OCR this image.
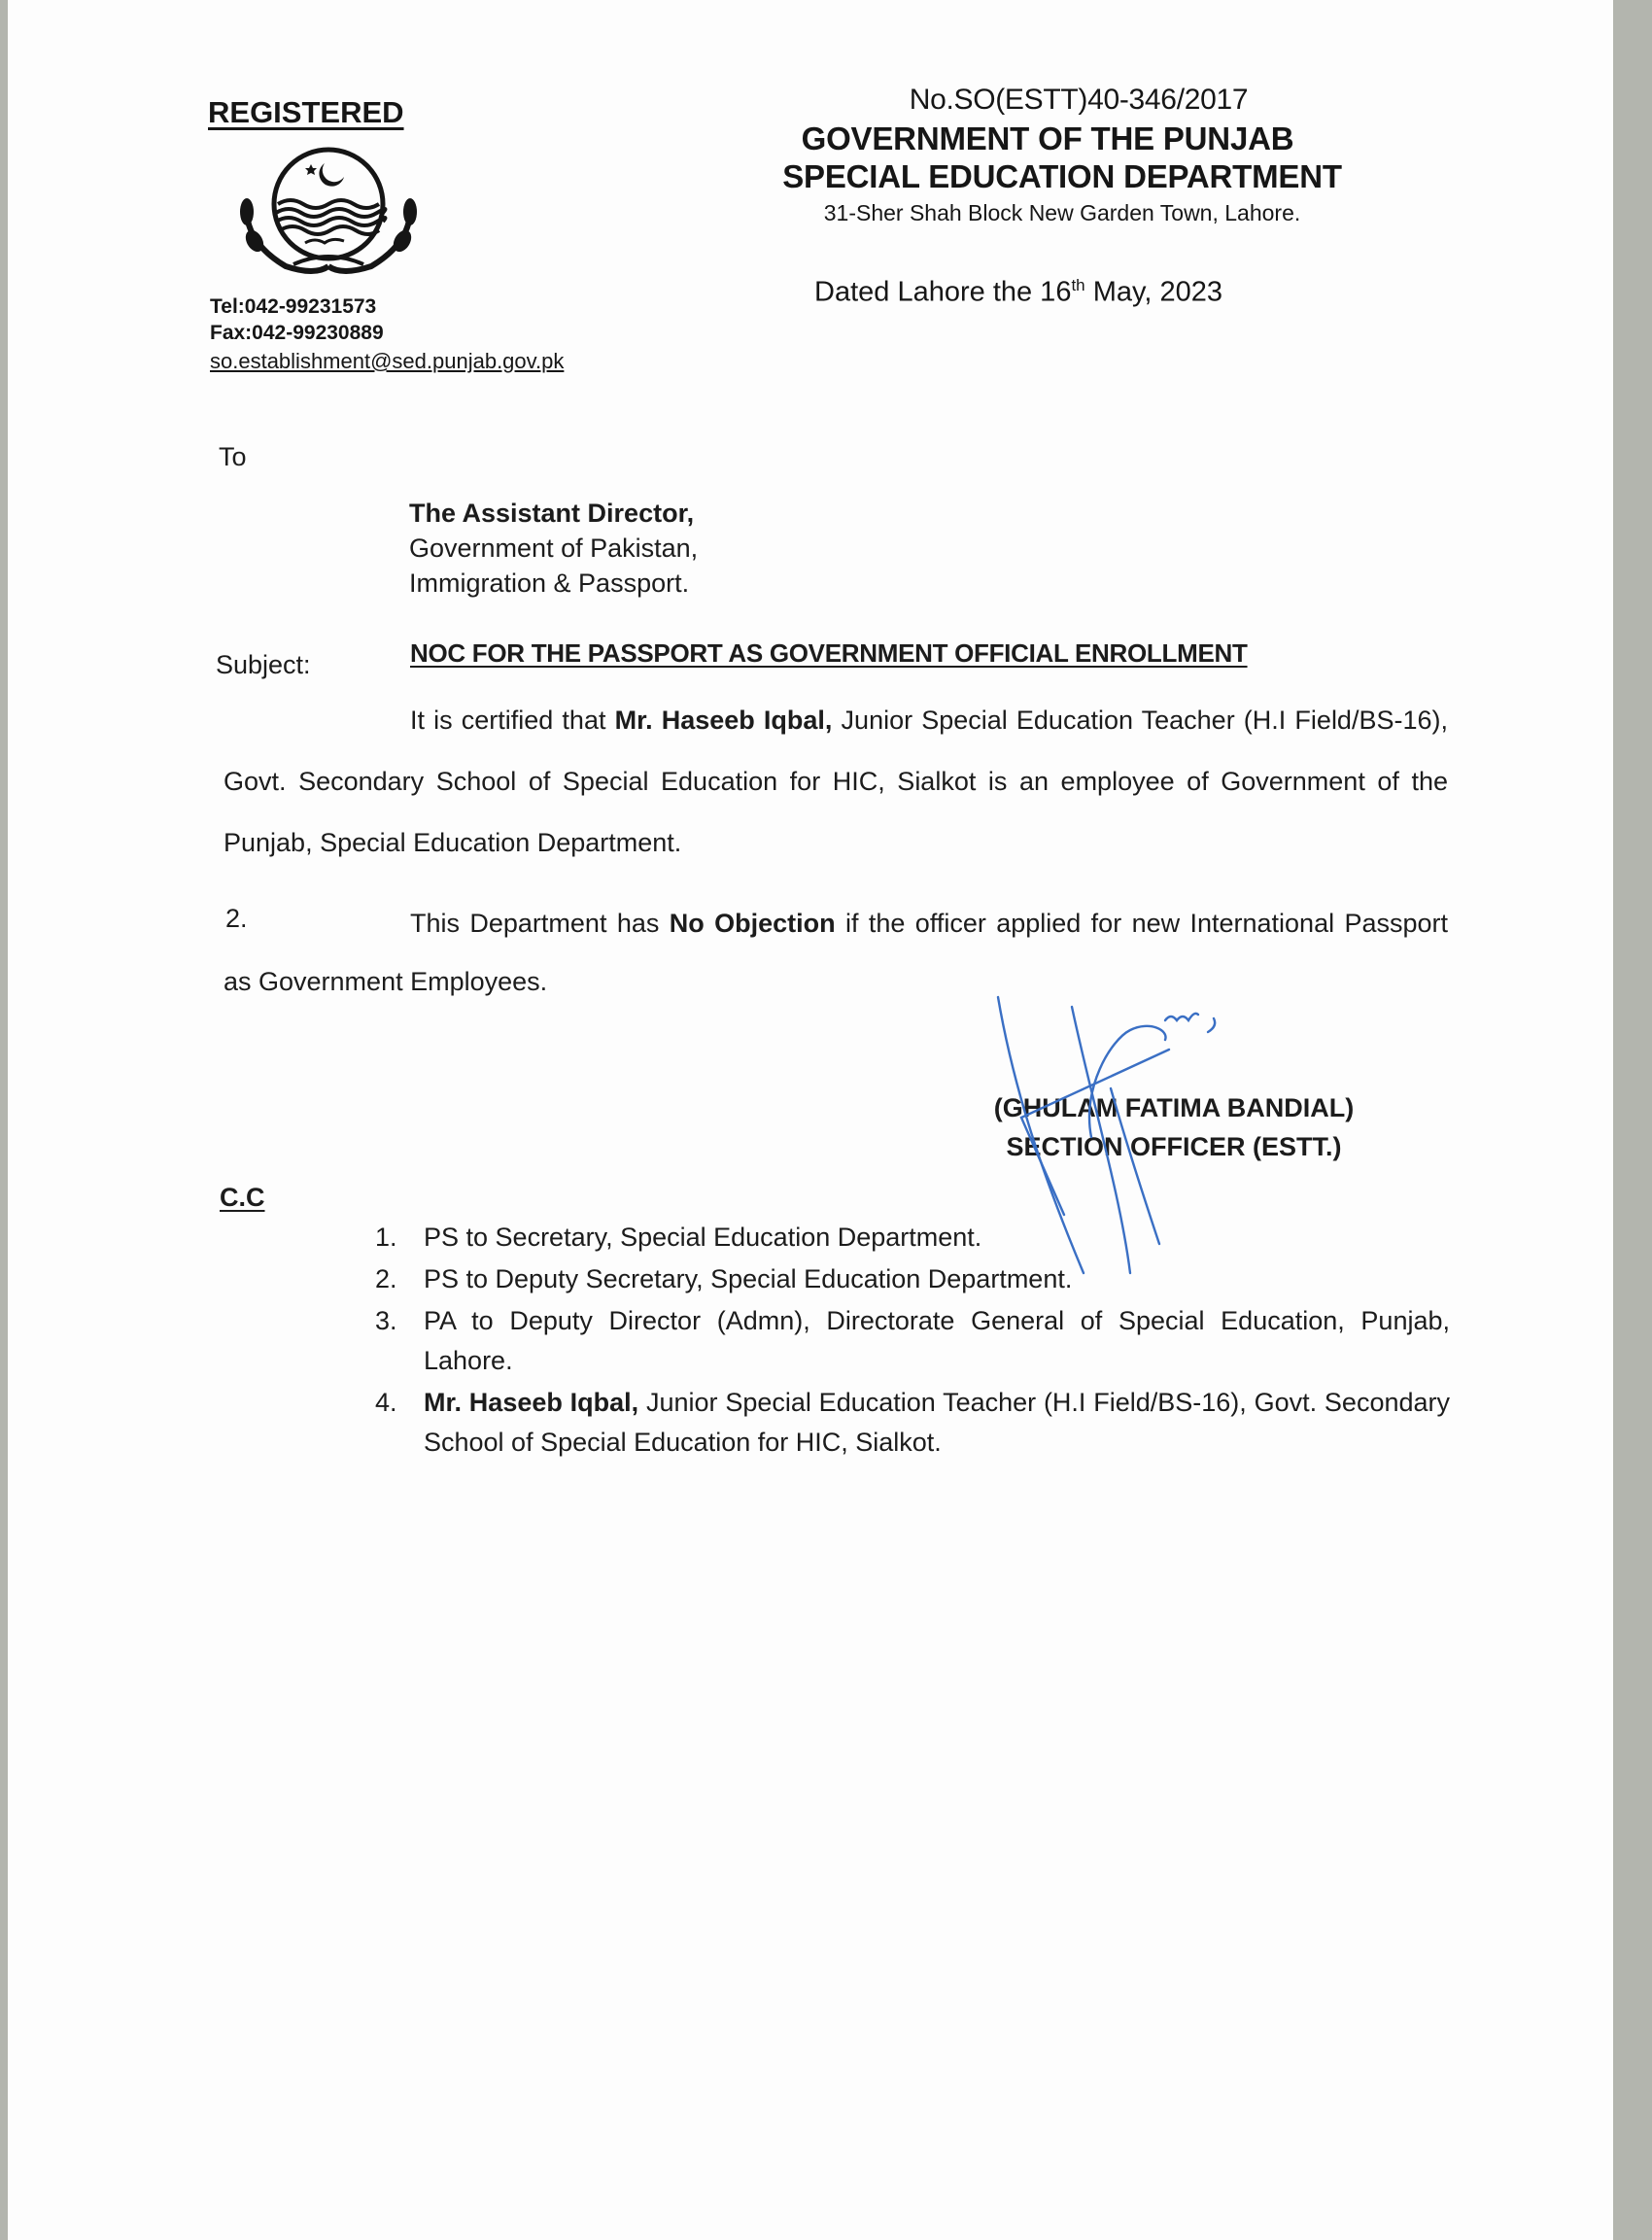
REGISTERED
Tel:042-99231573
Fax:042-99230889
so.establishment@sed.punjab.gov.pk
No.SO(ESTT)40-346/2017
GOVERNMENT OF THE PUNJAB
SPECIAL EDUCATION DEPARTMENT
31-Sher Shah Block New Garden Town, Lahore.
Dated Lahore the 16th May, 2023
To
The Assistant Director,
Government of Pakistan,
Immigration & Passport.
Subject:	NOC FOR THE PASSPORT AS GOVERNMENT OFFICIAL ENROLLMENT
It is certified that Mr. Haseeb Iqbal, Junior Special Education Teacher (H.I Field/BS-16), Govt. Secondary School of Special Education for HIC, Sialkot is an employee of Government of the Punjab, Special Education Department.
2.	This Department has No Objection if the officer applied for new International Passport as Government Employees.
(GHULAM FATIMA BANDIAL)
SECTION OFFICER (ESTT.)
C.C
1. PS to Secretary, Special Education Department.
2. PS to Deputy Secretary, Special Education Department.
3. PA to Deputy Director (Admn), Directorate General of Special Education, Punjab, Lahore.
4. Mr. Haseeb Iqbal, Junior Special Education Teacher (H.I Field/BS-16), Govt. Secondary School of Special Education for HIC, Sialkot.
